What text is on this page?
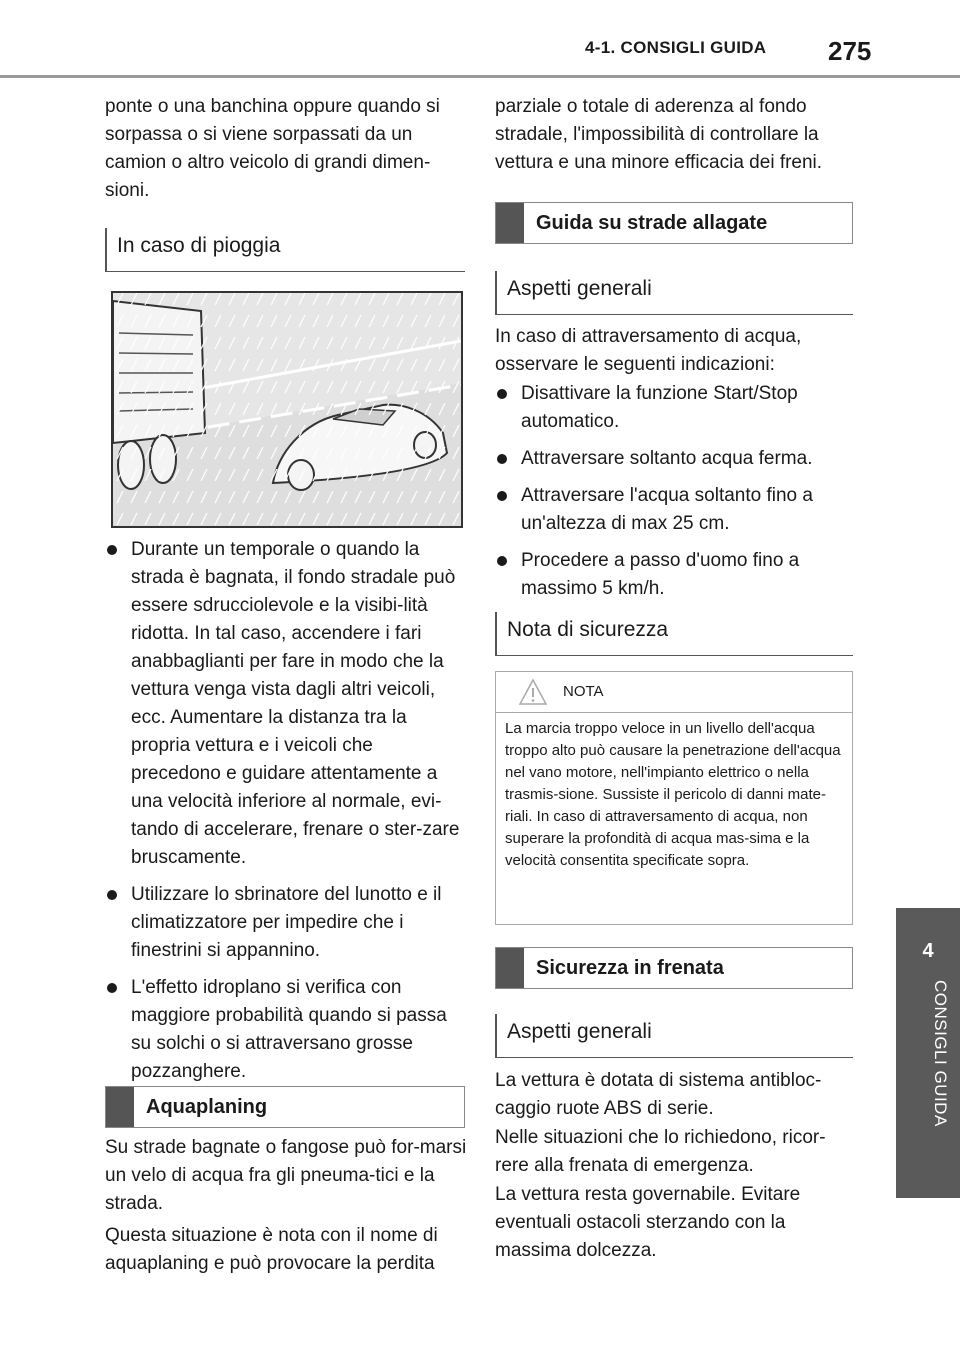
4-1. CONSIGLI GUIDA 275
4
CONSIGLI GUIDA

ponte o una banchina oppure quando si sorpassa o si viene sorpassati da un camion o altro veicolo di grandi dimen-sioni.

In caso di pioggia
Durante un temporale o quando la strada è bagnata, il fondo stradale può essere sdrucciolevole e la visibi-lità ridotta. In tal caso, accendere i fari anabbaglianti per fare in modo che la vettura venga vista dagli altri veicoli, ecc. Aumentare la distanza tra la propria vettura e i veicoli che precedono e guidare attentamente a una velocità inferiore al normale, evi-tando di accelerare, frenare o ster-zare bruscamente.
Utilizzare lo sbrinatore del lunotto e il climatizzatore per impedire che i finestrini si appannino.
L'effetto idroplano si verifica con maggiore probabilità quando si passa su solchi o si attraversano grosse pozzanghere.
Aquaplaning

Su strade bagnate o fangose può for-marsi un velo di acqua fra gli pneuma-tici e la strada.

Questa situazione è nota con il nome di aquaplaning e può provocare la perdita

parziale o totale di aderenza al fondo stradale, l'impossibilità di controllare la vettura e una minore efficacia dei freni.

Guida su strade allagate
Aspetti generali

In caso di attraversamento di acqua, osservare le seguenti indicazioni:

Disattivare la funzione Start/Stop automatico.
Attraversare soltanto acqua ferma.
Attraversare l'acqua soltanto fino a un'altezza di max 25 cm.
Procedere a passo d'uomo fino a massimo 5 km/h.
Nota di sicurezza
NOTA

La marcia troppo veloce in un livello dell'acqua troppo alto può causare la penetrazione dell'acqua nel vano motore, nell'impianto elettrico o nella trasmis-sione. Sussiste il pericolo di danni mate-riali. In caso di attraversamento di acqua, non superare la profondità di acqua mas-sima e la velocità consentita specificate sopra.

Sicurezza in frenata
Aspetti generali

La vettura è dotata di sistema antibloc-caggio ruote ABS di serie.

Nelle situazioni che lo richiedono, ricor-rere alla frenata di emergenza.

La vettura resta governabile. Evitare eventuali ostacoli sterzando con la massima dolcezza.
